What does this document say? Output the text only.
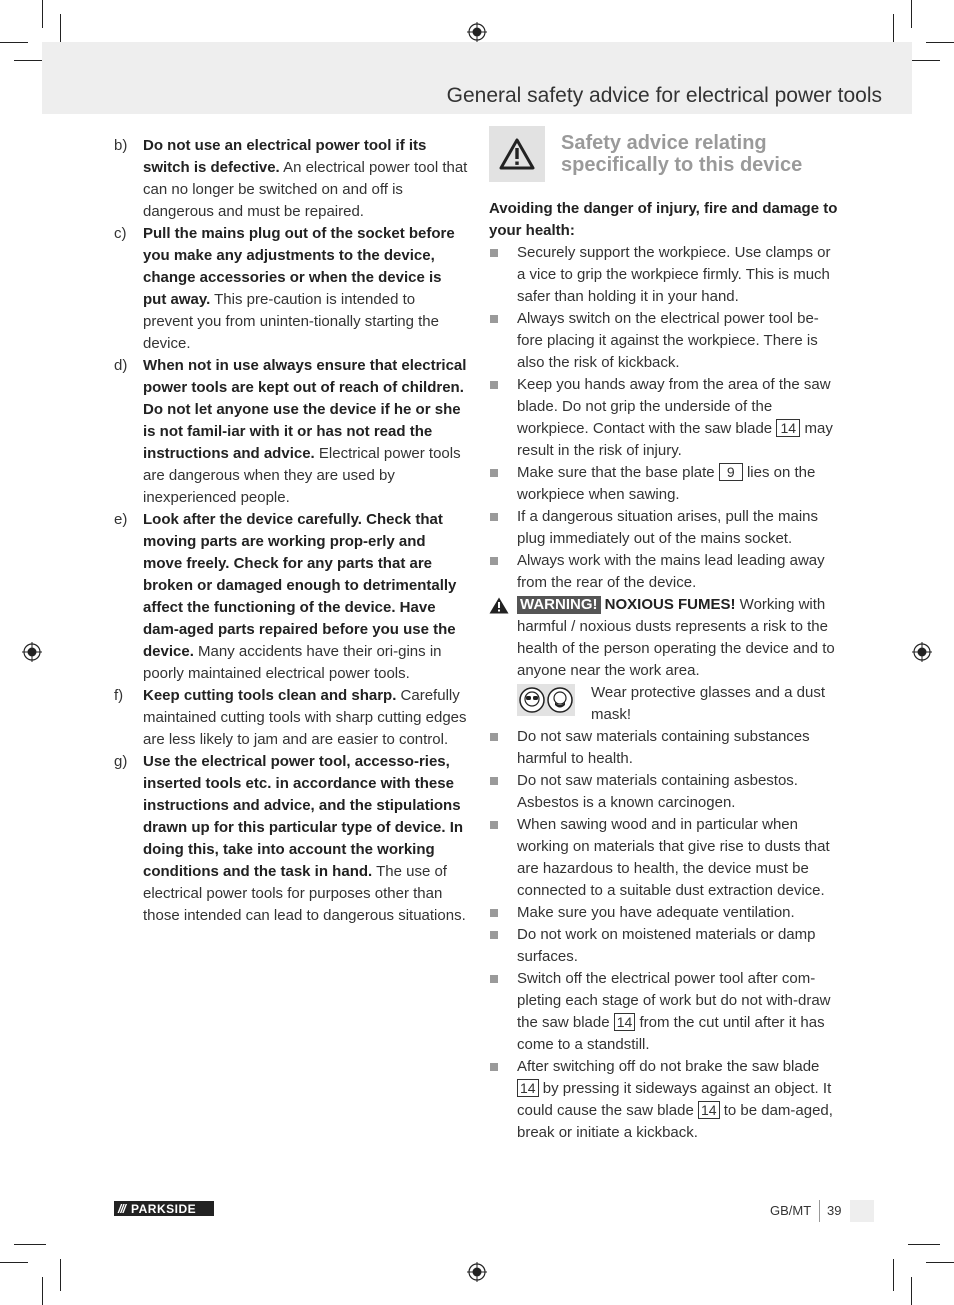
General safety advice for electrical power tools
b)	Do not use an electrical power tool if its switch is defective. An electrical power tool that can no longer be switched on and off is dangerous and must be repaired.
c)	Pull the mains plug out of the socket before you make any adjustments to the device, change accessories or when the device is put away. This pre-caution is intended to prevent you from uninten-tionally starting the device.
d)	When not in use always ensure that electrical power tools are kept out of reach of children. Do not let anyone use the device if he or she is not famil-iar with it or has not read the instructions and advice. Electrical power tools are dangerous when they are used by inexperienced people.
e)	Look after the device carefully. Check that moving parts are working prop-erly and move freely. Check for any parts that are broken or damaged enough to detrimentally affect the functioning of the device. Have dam-aged parts repaired before you use the device. Many accidents have their ori-gins in poorly maintained electrical power tools.
f)	Keep cutting tools clean and sharp. Carefully maintained cutting tools with sharp cutting edges are less likely to jam and are easier to control.
g)	Use the electrical power tool, accesso-ries, inserted tools etc. in accordance with these instructions and advice, and the stipulations drawn up for this particular type of device. In doing this, take into account the working conditions and the task in hand. The use of electrical power tools for purposes other than those intended can lead to dangerous situations.
Safety advice relating specifically to this device
Avoiding the danger of injury, fire and damage to your health:
Securely support the workpiece. Use clamps or a vice to grip the workpiece firmly. This is much safer than holding it in your hand.
Always switch on the electrical power tool be-fore placing it against the workpiece. There is also the risk of kickback.
Keep you hands away from the area of the saw blade. Do not grip the underside of the workpiece. Contact with the saw blade 14 may result in the risk of injury.
Make sure that the base plate 9 lies on the workpiece when sawing.
If a dangerous situation arises, pull the mains plug immediately out of the mains socket.
Always work with the mains lead leading away from the rear of the device.
WARNING! NOXIOUS FUMES! Working with harmful / noxious dusts represents a risk to the health of the person operating the device and to anyone near the work area.
Wear protective glasses and a dust mask!
Do not saw materials containing substances harmful to health.
Do not saw materials containing asbestos. Asbestos is a known carcinogen.
When sawing wood and in particular when working on materials that give rise to dusts that are hazardous to health, the device must be connected to a suitable dust extraction device.
Make sure you have adequate ventilation.
Do not work on moistened materials or damp surfaces.
Switch off the electrical power tool after com-pleting each stage of work but do not with-draw the saw blade 14 from the cut until after it has come to a standstill.
After switching off do not brake the saw blade 14 by pressing it sideways against an object. It could cause the saw blade 14 to be dam-aged, break or initiate a kickback.
/// PARKSIDE	GB/MT 39
